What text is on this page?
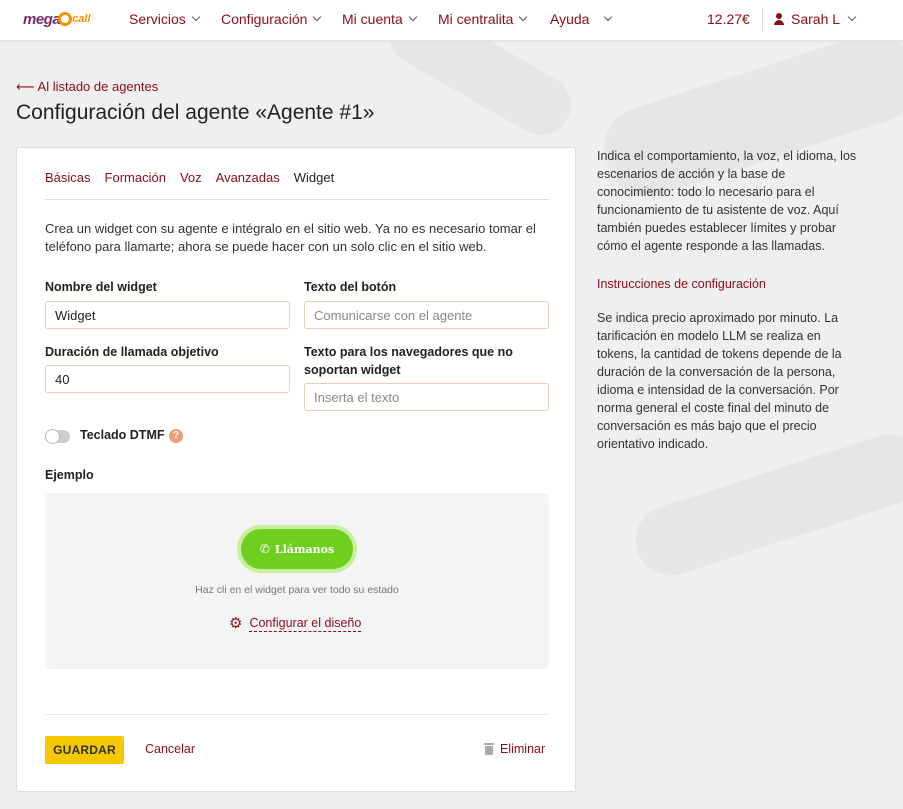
mega call	Servicios	Configuración Mi cuenta	Mi centralita	Ayuda	12.27€	Sarah L
⟵ Al listado de agentes
Configuración del agente «Agente #1»
Básicas Formación Voz Avanzadas Widget

Crea un widget con su agente e intégralo en el sitio web. Ya no es necesario tomar el teléfono para llamarte; ahora se puede hacer con un solo clic en el sitio web.

Nombre del widget
Widget
Texto del botón
Comunicarse con el agente
Duración de llamada objetivo
40
Texto para los navegadores que no soportan widget
Inserta el texto
Teclado DTMF ?
Ejemplo
✆ Llámanos
Haz cli en el widget para ver todo su estado
⚙ Configurar el diseño
GUARDAR	Cancelar	Eliminar

Indica el comportamiento, la voz, el idioma, los escenarios de acción y la base de conocimiento: todo lo necesario para el funcionamiento de tu asistente de voz. Aquí también puedes establecer límites y probar cómo el agente responde a las llamadas.

Instrucciones de configuración

Se indica precio aproximado por minuto. La tarificación en modelo LLM se realiza en tokens, la cantidad de tokens depende de la duración de la conversación de la persona, idioma e intensidad de la conversación. Por norma general el coste final del minuto de conversación es más bajo que el precio orientativo indicado.
